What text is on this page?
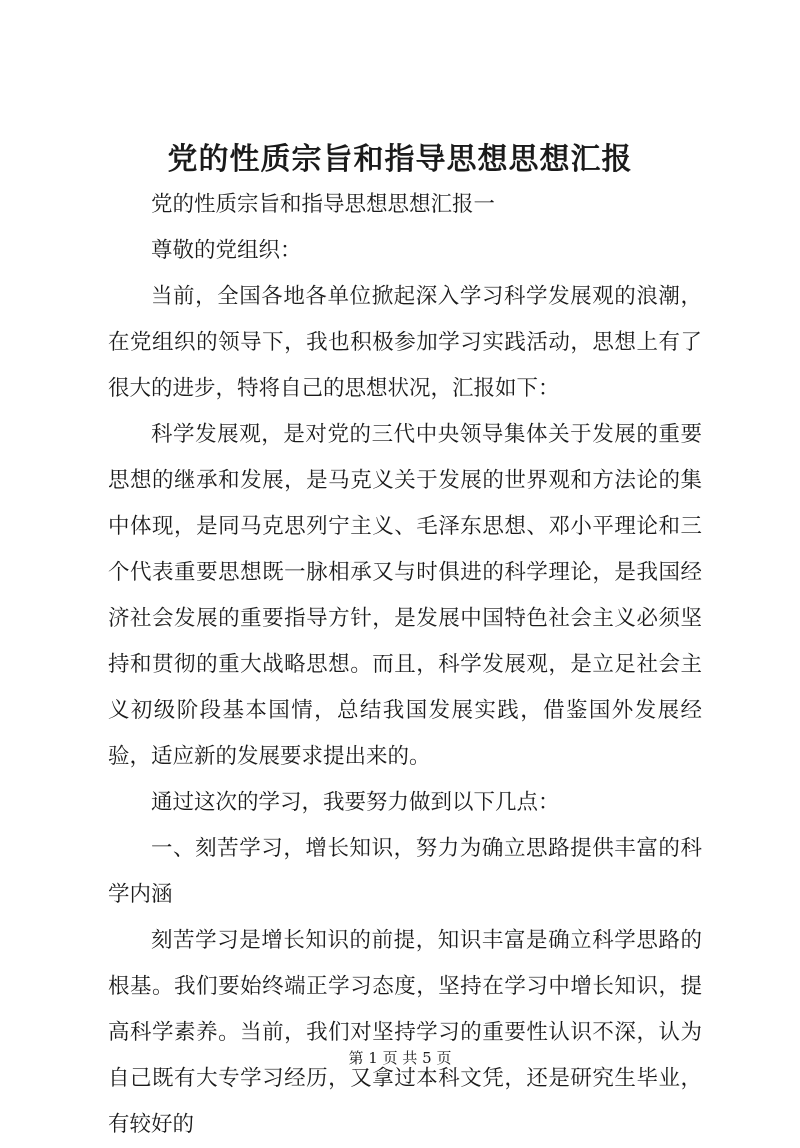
党的性质宗旨和指导思想思想汇报

党的性质宗旨和指导思想思想汇报一

尊敬的党组织：

当前，全国各地各单位掀起深入学习科学发展观的浪潮，在党组织的领导下，我也积极参加学习实践活动，思想上有了很大的进步，特将自己的思想状况，汇报如下：

科学发展观，是对党的三代中央领导集体关于发展的重要思想的继承和发展，是马克义关于发展的世界观和方法论的集中体现，是同马克思列宁主义、毛泽东思想、邓小平理论和三个代表重要思想既一脉相承又与时俱进的科学理论，是我国经济社会发展的重要指导方针，是发展中国特色社会主义必须坚持和贯彻的重大战略思想。而且，科学发展观，是立足社会主义初级阶段基本国情，总结我国发展实践，借鉴国外发展经验，适应新的发展要求提出来的。

通过这次的学习，我要努力做到以下几点：

一、刻苦学习，增长知识，努力为确立思路提供丰富的科学内涵

刻苦学习是增长知识的前提，知识丰富是确立科学思路的根基。我们要始终端正学习态度，坚持在学习中增长知识，提高科学素养。当前，我们对坚持学习的重要性认识不深，认为自己既有大专学习经历，又拿过本科文凭，还是研究生毕业，有较好的

第 1 页 共 5 页
